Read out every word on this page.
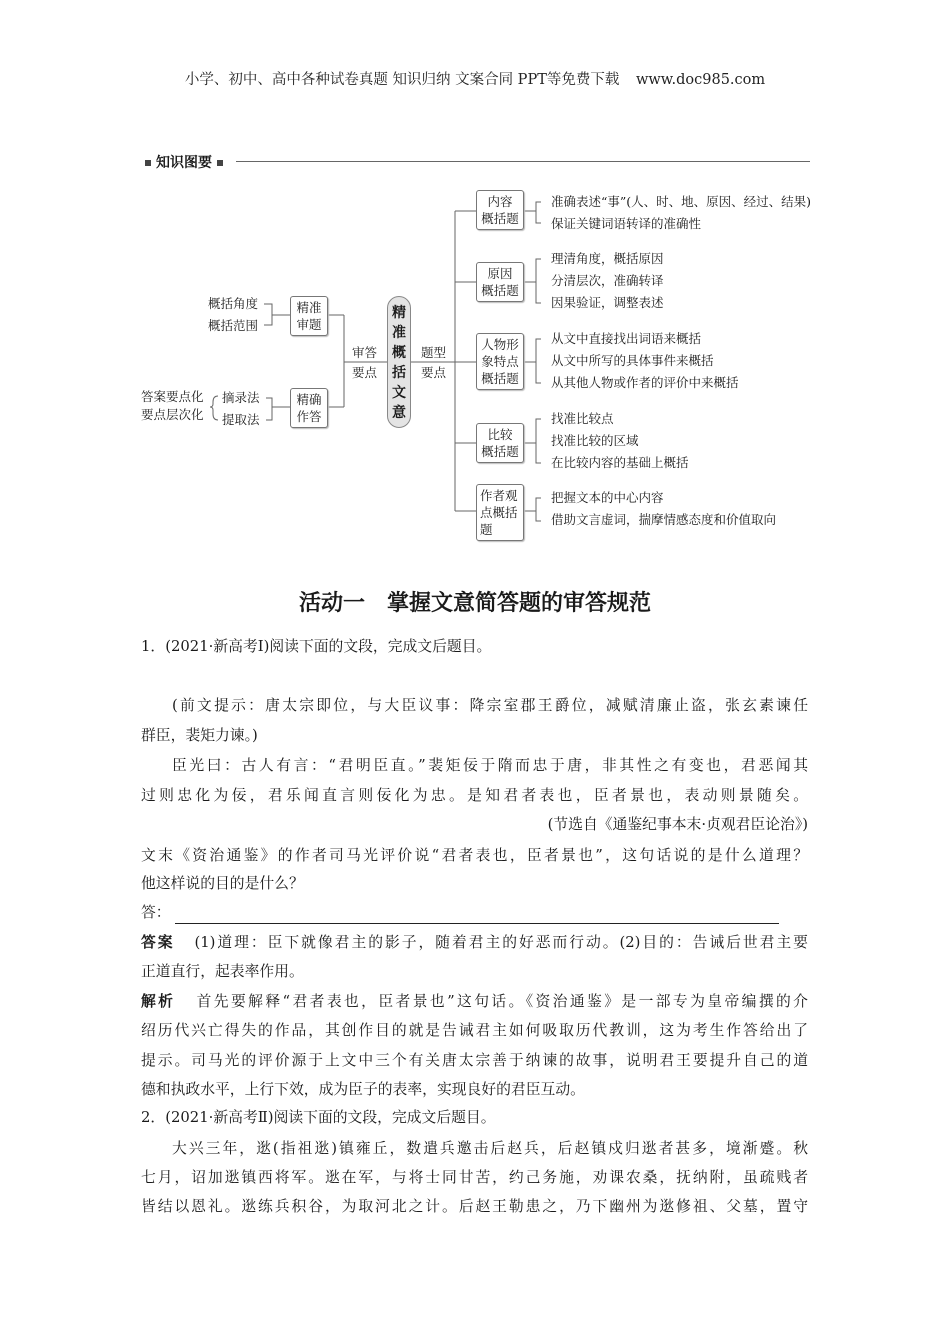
小学、初中、高中各种试卷真题 知识归纳 文案合同 PPT等免费下载 www.doc985.com
知识图要
精
准
概
括
文
意
审答
要点
题型
要点
精准
审题
概括角度
概括范围
精确
作答
摘录法
提取法
答案要点化
要点层次化
内容
概括题
准确表述“事”(人、时、地、原因、经过、结果)
保证关键词语转译的准确性
原因
概括题
理清角度，概括原因
分清层次，准确转译
因果验证，调整表述
人物形
象特点
概括题
从文中直接找出词语来概括
从文中所写的具体事件来概括
从其他人物或作者的评价中来概括
比较
概括题
找准比较点
找准比较的区域
在比较内容的基础上概括
作者观
点概括
题
把握文本的中心内容
借助文言虚词，揣摩情感态度和价值取向
活动一　掌握文意简答题的审答规范
1．(2021·新高考Ⅰ)阅读下面的文段，完成文后题目。
(前文提示：唐太宗即位，与大臣议事：降宗室郡王爵位，减赋清廉止盗，张玄素谏任
群臣，裴矩力谏。)
臣光曰：古人有言：“君明臣直。”裴矩佞于隋而忠于唐，非其性之有变也，君恶闻其
过则忠化为佞，君乐闻直言则佞化为忠。是知君者表也，臣者景也，表动则景随矣。
(节选自《通鉴纪事本末·贞观君臣论治》)
文末《资治通鉴》的作者司马光评价说“君者表也，臣者景也”，这句话说的是什么道理？
他这样说的目的是什么？
答：
答案 (1)道理：臣下就像君主的影子，随着君主的好恶而行动。(2)目的：告诫后世君主要
正道直行，起表率作用。
解析 首先要解释“君者表也，臣者景也”这句话。《资治通鉴》是一部专为皇帝编撰的介
绍历代兴亡得失的作品，其创作目的就是告诫君主如何吸取历代教训，这为考生作答给出了
提示。司马光的评价源于上文中三个有关唐太宗善于纳谏的故事，说明君王要提升自己的道
德和执政水平，上行下效，成为臣子的表率，实现良好的君臣互动。
2．(2021·新高考Ⅱ)阅读下面的文段，完成文后题目。
大兴三年，逖(指祖逖)镇雍丘，数遣兵邀击后赵兵，后赵镇戍归逖者甚多，境渐蹙。秋
七月，诏加逖镇西将军。逖在军，与将士同甘苦，约己务施，劝课农桑，抚纳附，虽疏贱者
皆结以恩礼。逖练兵积谷，为取河北之计。后赵王勒患之，乃下幽州为逖修祖、父墓，置守
